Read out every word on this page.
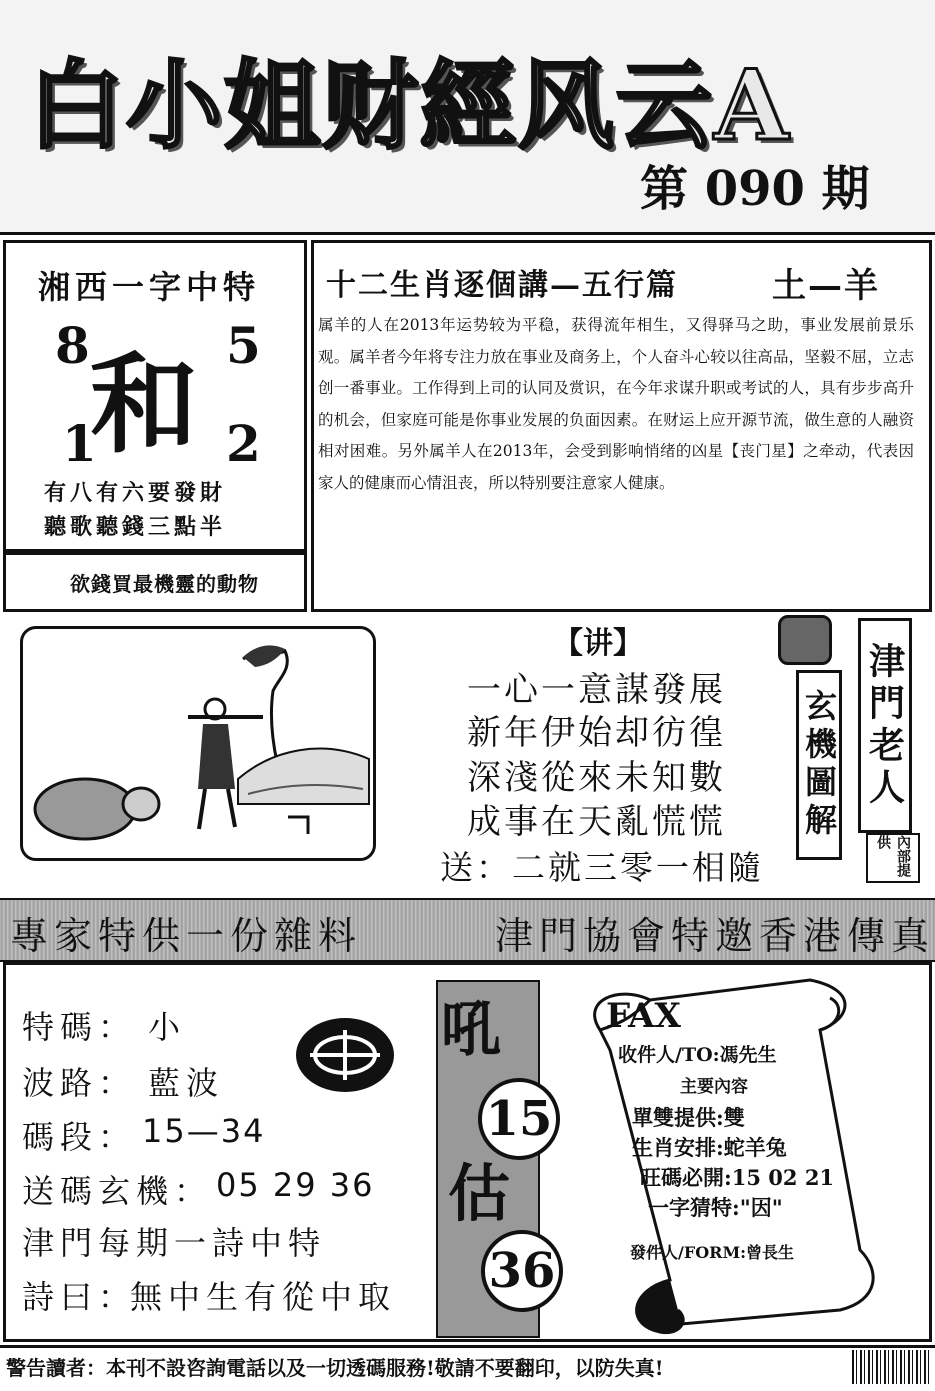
白小姐财經风云A
第 090 期
湘西一字中特
8	5
1	2
和
有八有六要發財
聽歌聽錢三點半
欲錢買最機靈的動物
十二生肖逐個講—五行篇	土—羊
属羊的人在2013年运势较为平稳，获得流年相生，又得驿马之助，事业发展前景乐观。属羊者今年将专注力放在事业及商务上，个人奋斗心较以往高品，坚毅不屈，立志创一番事业。工作得到上司的认同及赏识，在今年求谋升职或考试的人，具有步步高升的机会，但家庭可能是你事业发展的负面因素。在财运上应开源节流，做生意的人融资相对困难。另外属羊人在2013年，会受到影响悄绪的凶星【丧门星】之牵动，代表因家人的健康而心情沮丧，所以特别要注意家人健康。
【讲】
一心一意謀發展
新年伊始却彷徨
深淺從來未知數
成事在天亂慌慌
送：二就三零一相隨
玄機圖解 津門老人
內部提供
專家特供一份雜料	津門協會特邀香港傳真
特碼： 小
波路： 藍波
碼段： 15—34
送碼玄機： 05 29 36
津門每期一詩中特
詩曰：
無中生有從中取
吼
15
估
36
FAX
收件人/TO:馮先生
主要內容
單雙提供:雙
生肖安排:蛇羊兔
旺碼必開:15 02 21
一字猜特:"因"
發件人/FORM:曾長生
警告讀者：本刊不設咨詢電話以及一切透碼服務!敬請不要翻印，以防失真!
